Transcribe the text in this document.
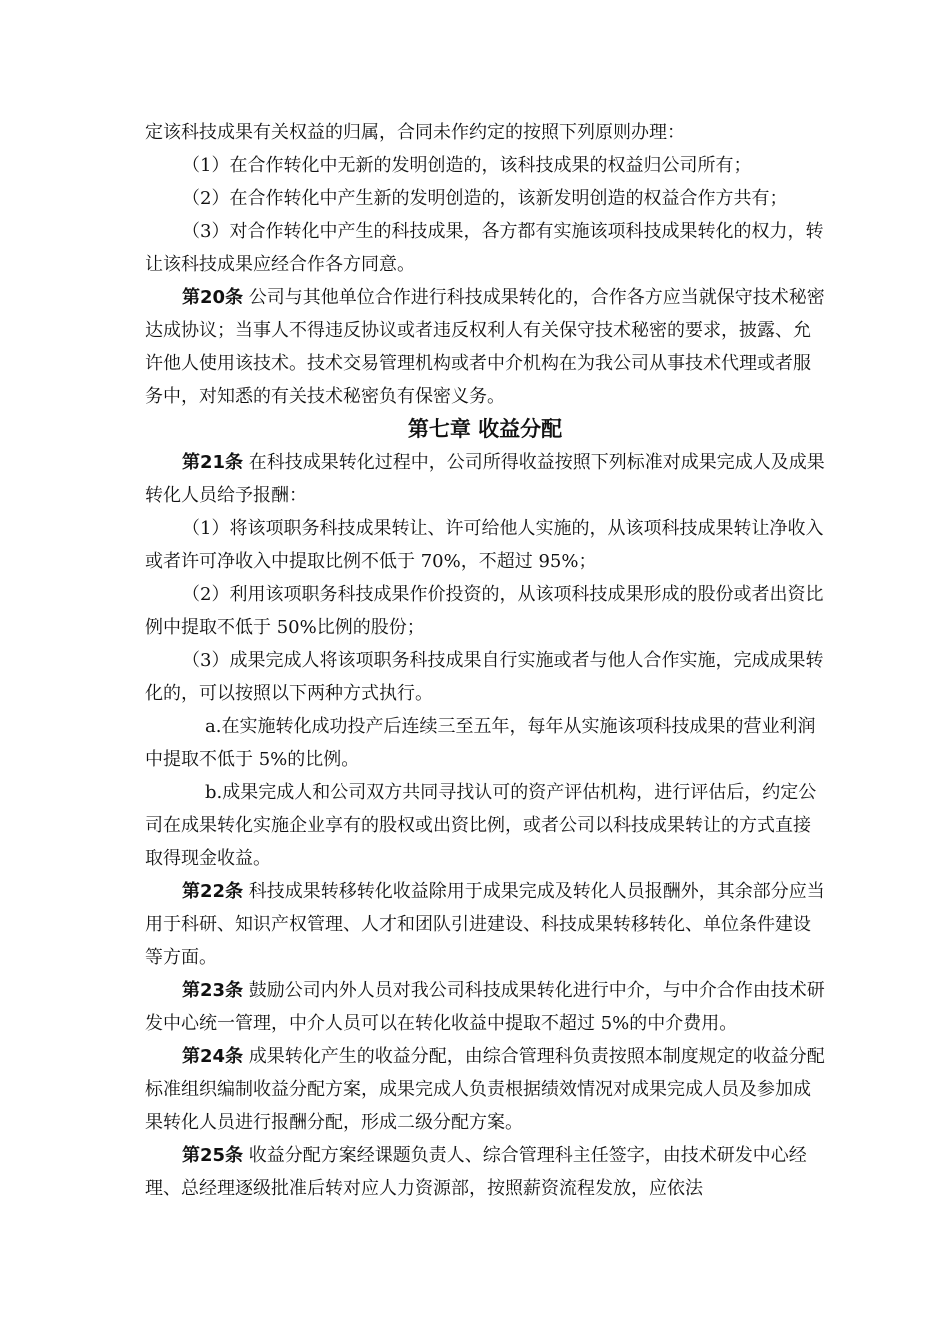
定该科技成果有关权益的归属，合同未作约定的按照下列原则办理：

（1）在合作转化中无新的发明创造的，该科技成果的权益归公司所有；

（2）在合作转化中产生新的发明创造的，该新发明创造的权益合作方共有；

（3）对合作转化中产生的科技成果，各方都有实施该项科技成果转化的权力，转让该科技成果应经合作各方同意。

第20条 公司与其他单位合作进行科技成果转化的，合作各方应当就保守技术秘密达成协议；当事人不得违反协议或者违反权利人有关保守技术秘密的要求，披露、允许他人使用该技术。技术交易管理机构或者中介机构在为我公司从事技术代理或者服务中，对知悉的有关技术秘密负有保密义务。

第七章 收益分配

第21条 在科技成果转化过程中，公司所得收益按照下列标准对成果完成人及成果转化人员给予报酬：

（1）将该项职务科技成果转让、许可给他人实施的，从该项科技成果转让净收入或者许可净收入中提取比例不低于 70%，不超过 95%；

（2）利用该项职务科技成果作价投资的，从该项科技成果形成的股份或者出资比例中提取不低于 50%比例的股份；

（3）成果完成人将该项职务科技成果自行实施或者与他人合作实施，完成成果转化的，可以按照以下两种方式执行。

a.在实施转化成功投产后连续三至五年，每年从实施该项科技成果的营业利润中提取不低于 5%的比例。

b.成果完成人和公司双方共同寻找认可的资产评估机构，进行评估后，约定公司在成果转化实施企业享有的股权或出资比例，或者公司以科技成果转让的方式直接取得现金收益。

第22条 科技成果转移转化收益除用于成果完成及转化人员报酬外，其余部分应当用于科研、知识产权管理、人才和团队引进建设、科技成果转移转化、单位条件建设等方面。

第23条 鼓励公司内外人员对我公司科技成果转化进行中介，与中介合作由技术研发中心统一管理，中介人员可以在转化收益中提取不超过 5%的中介费用。

第24条 成果转化产生的收益分配，由综合管理科负责按照本制度规定的收益分配标准组织编制收益分配方案，成果完成人负责根据绩效情况对成果完成人员及参加成果转化人员进行报酬分配，形成二级分配方案。

第25条 收益分配方案经课题负责人、综合管理科主任签字，由技术研发中心经理、总经理逐级批准后转对应人力资源部，按照薪资流程发放，应依法
